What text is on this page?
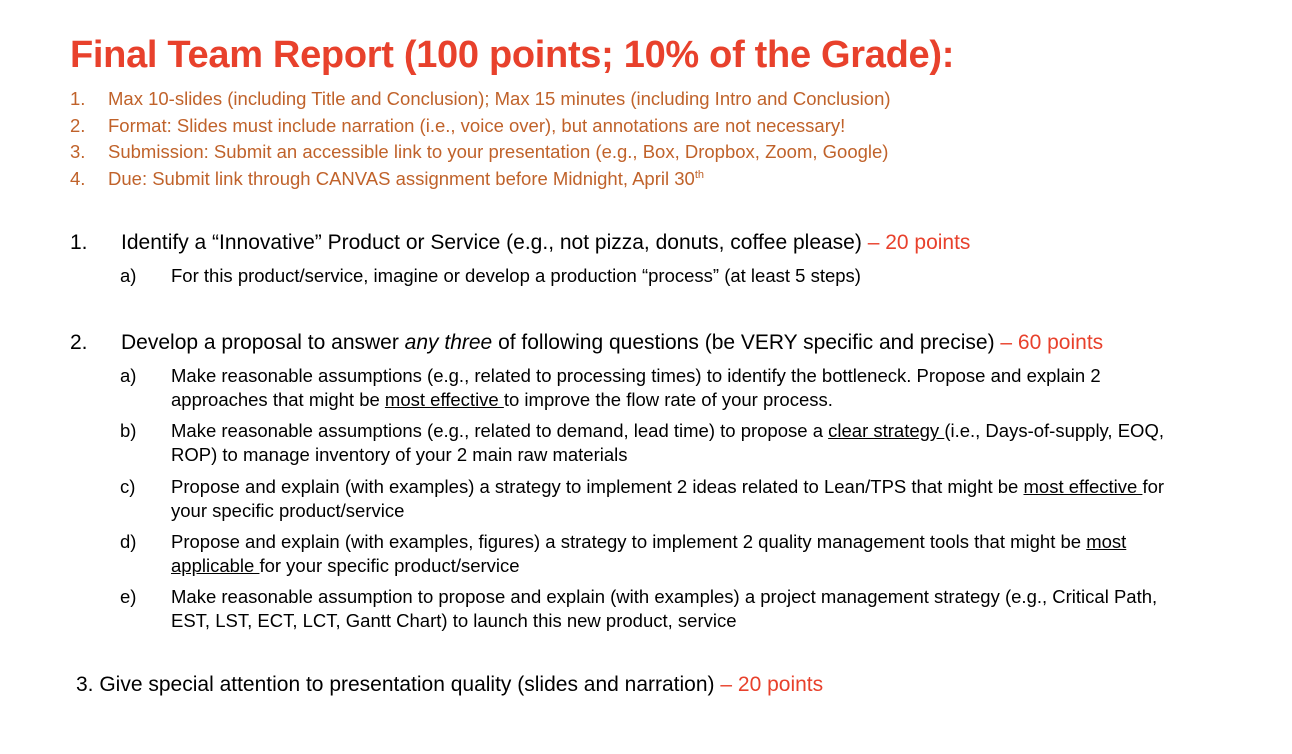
Final Team Report (100 points; 10% of the Grade):
1. Max 10-slides (including Title and Conclusion); Max 15 minutes (including Intro and Conclusion)
2. Format: Slides must include narration (i.e., voice over), but annotations are not necessary!
3. Submission: Submit an accessible link to your presentation (e.g., Box, Dropbox, Zoom, Google)
4. Due: Submit link through CANVAS assignment before Midnight, April 30th
1. Identify a “Innovative” Product or Service (e.g., not pizza, donuts, coffee please) – 20 points
a) For this product/service, imagine or develop a production “process” (at least 5 steps)
2. Develop a proposal to answer any three of following questions (be VERY specific and precise) – 60 points
a) Make reasonable assumptions (e.g., related to processing times) to identify the bottleneck. Propose and explain 2
approaches that might be most effective to improve the flow rate of your process.
b) Make reasonable assumptions (e.g., related to demand, lead time) to propose a clear strategy (i.e., Days-of-supply, EOQ,
ROP) to manage inventory of your 2 main raw materials
c) Propose and explain (with examples) a strategy to implement 2 ideas related to Lean/TPS that might be most effective for
your specific product/service
d) Propose and explain (with examples, figures) a strategy to implement 2 quality management tools that might be most
applicable for your specific product/service
e) Make reasonable assumption to propose and explain (with examples) a project management strategy (e.g., Critical Path,
EST, LST, ECT, LCT, Gantt Chart) to launch this new product, service
3. Give special attention to presentation quality (slides and narration) – 20 points
